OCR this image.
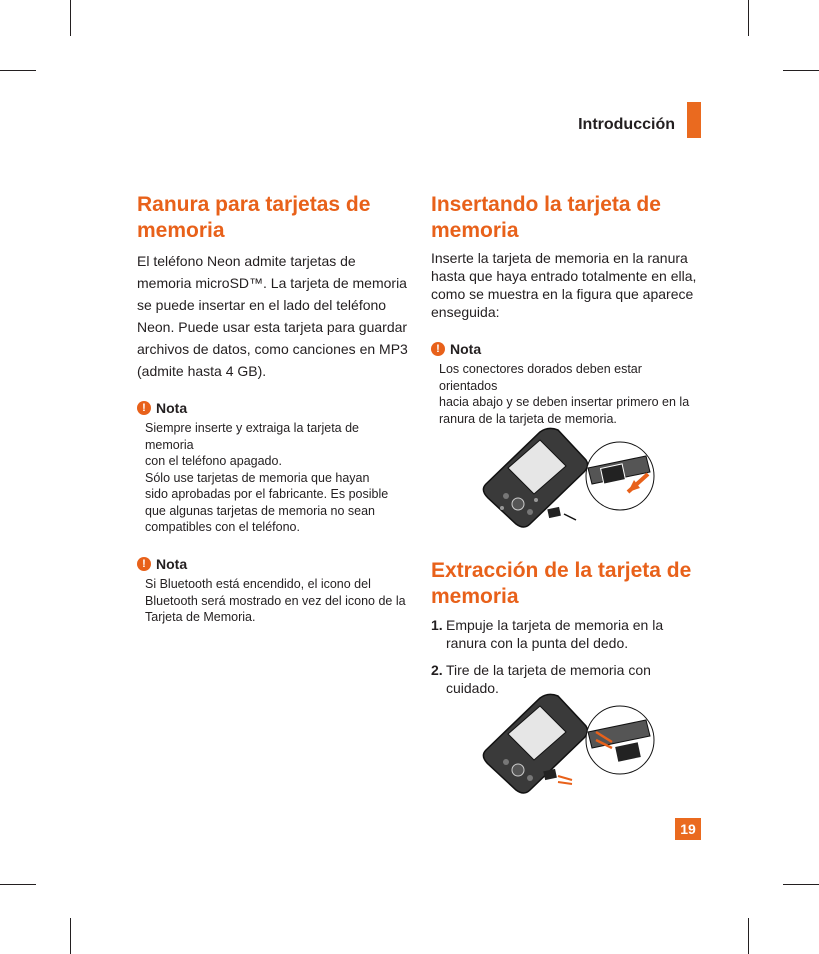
Introducción
Ranura para tarjetas de memoria

El teléfono Neon admite tarjetas de memoria microSD™. La tarjeta de memoria se puede insertar en el lado del teléfono Neon. Puede usar esta tarjeta para guardar archivos de datos, como canciones en MP3 (admite hasta 4 GB).

! Nota
Siempre inserte y extraiga la tarjeta de memoria
con el teléfono apagado.
Sólo use tarjetas de memoria que hayan
sido aprobadas por el fabricante. Es posible
que algunas tarjetas de memoria no sean
compatibles con el teléfono.
! Nota
Si Bluetooth está encendido, el icono del
Bluetooth será mostrado en vez del icono de la
Tarjeta de Memoria.
Insertando la tarjeta de memoria

Inserte la tarjeta de memoria en la ranura hasta que haya entrado totalmente en ella, como se muestra en la figura que aparece enseguida:

! Nota
Los conectores dorados deben estar orientados
hacia abajo y se deben insertar primero en la
ranura de la tarjeta de memoria.
Extracción de la tarjeta de memoria
1. Empuje la tarjeta de memoria en la ranura con la punta del dedo.
2. Tire de la tarjeta de memoria con cuidado.
19
